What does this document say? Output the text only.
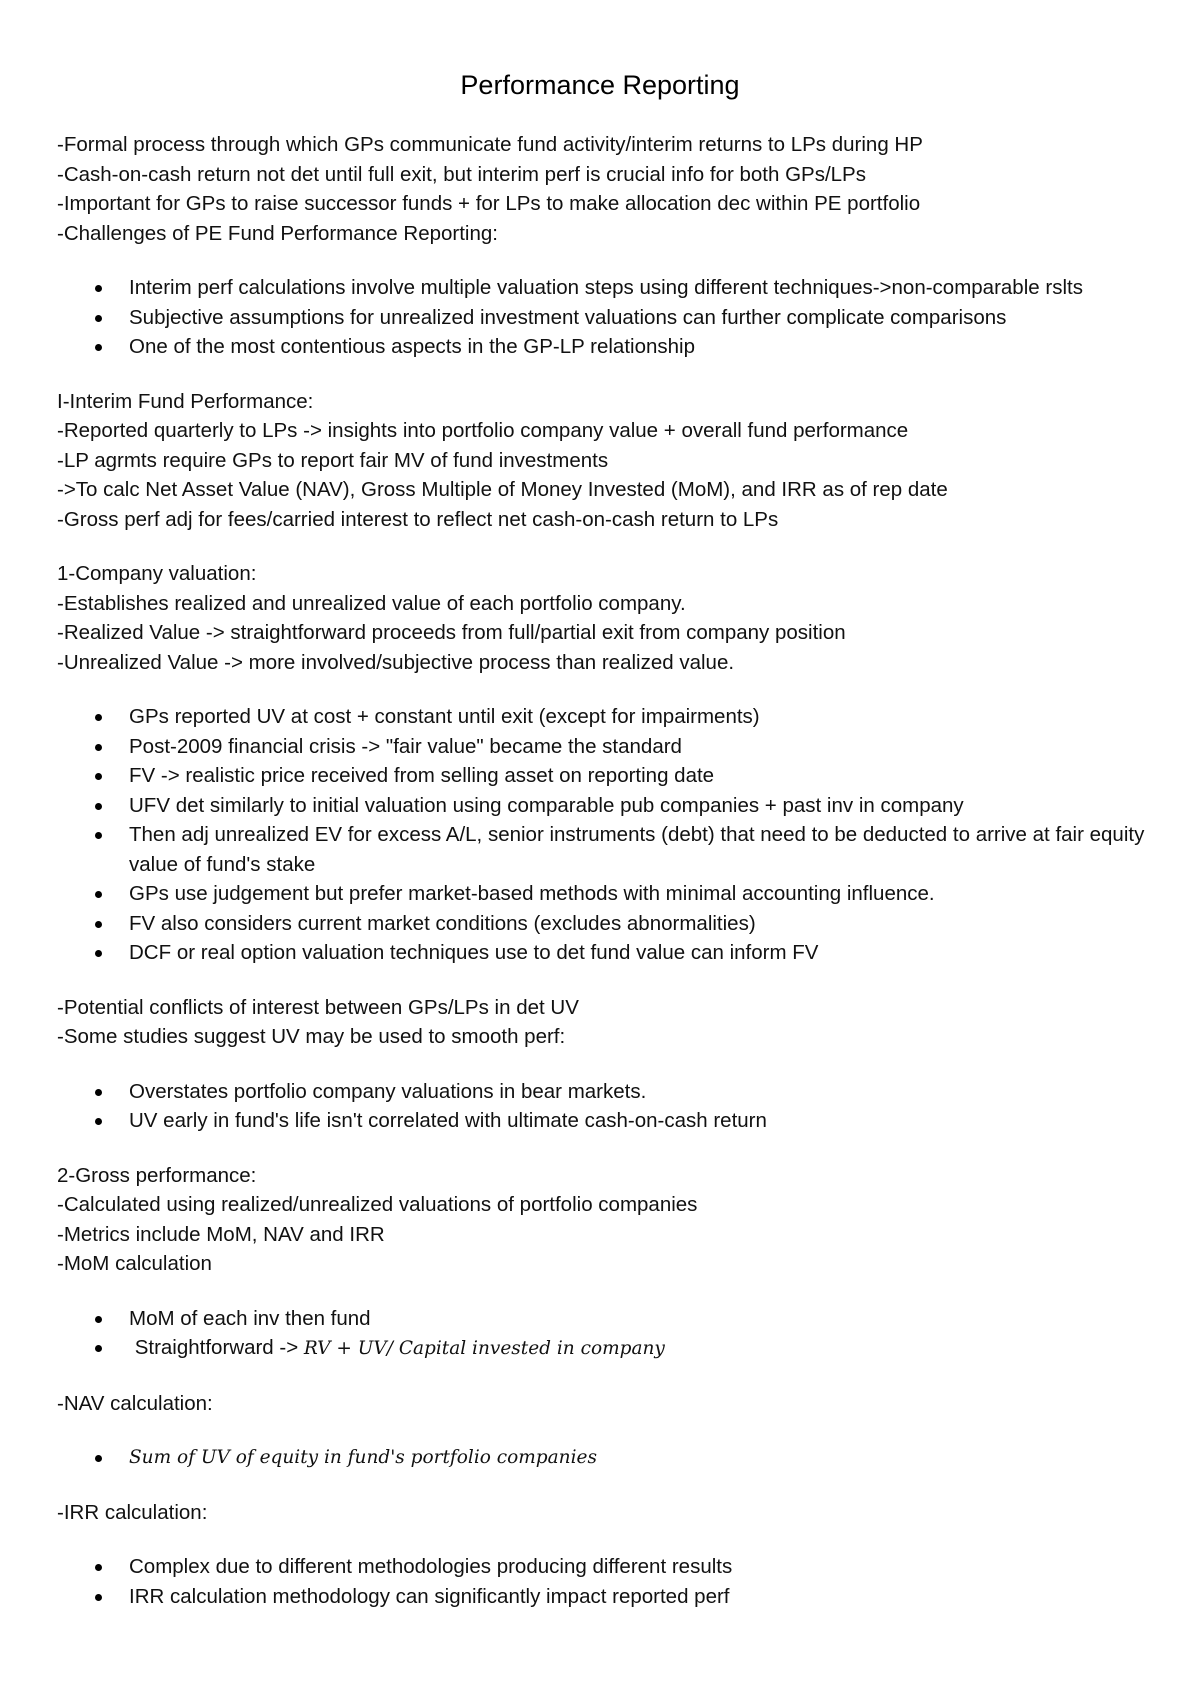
Performance Reporting

-Formal process through which GPs communicate fund activity/interim returns to LPs during HP

-Cash-on-cash return not det until full exit, but interim perf is crucial info for both GPs/LPs

-Important for GPs to raise successor funds + for LPs to make allocation dec within PE portfolio

-Challenges of PE Fund Performance Reporting:

Interim perf calculations involve multiple valuation steps using different techniques->non-comparable rslts
Subjective assumptions for unrealized investment valuations can further complicate comparisons
One of the most contentious aspects in the GP-LP relationship

I-Interim Fund Performance:

-Reported quarterly to LPs -> insights into portfolio company value + overall fund performance

-LP agrmts require GPs to report fair MV of fund investments

->To calc Net Asset Value (NAV), Gross Multiple of Money Invested (MoM), and IRR as of rep date

-Gross perf adj for fees/carried interest to reflect net cash-on-cash return to LPs

1-Company valuation:

-Establishes realized and unrealized value of each portfolio company.

-Realized Value -> straightforward proceeds from full/partial exit from company position

-Unrealized Value -> more involved/subjective process than realized value.

GPs reported UV at cost + constant until exit (except for impairments)
Post-2009 financial crisis -> "fair value" became the standard
FV -> realistic price received from selling asset on reporting date
UFV det similarly to initial valuation using comparable pub companies + past inv in company
Then adj unrealized EV for excess A/L, senior instruments (debt) that need to be deducted to arrive at fair equity value of fund's stake
GPs use judgement but prefer market-based methods with minimal accounting influence.
FV also considers current market conditions (excludes abnormalities)
DCF or real option valuation techniques use to det fund value can inform FV

-Potential conflicts of interest between GPs/LPs in det UV

-Some studies suggest UV may be used to smooth perf:

Overstates portfolio company valuations in bear markets.
UV early in fund's life isn't correlated with ultimate cash-on-cash return

2-Gross performance:

-Calculated using realized/unrealized valuations of portfolio companies

-Metrics include MoM, NAV and IRR

-MoM calculation

MoM of each inv then fund
Straightforward -> RV + UV/ Capital invested in company

-NAV calculation:

Sum of UV of equity in fund's portfolio companies

-IRR calculation:

Complex due to different methodologies producing different results
IRR calculation methodology can significantly impact reported perf
